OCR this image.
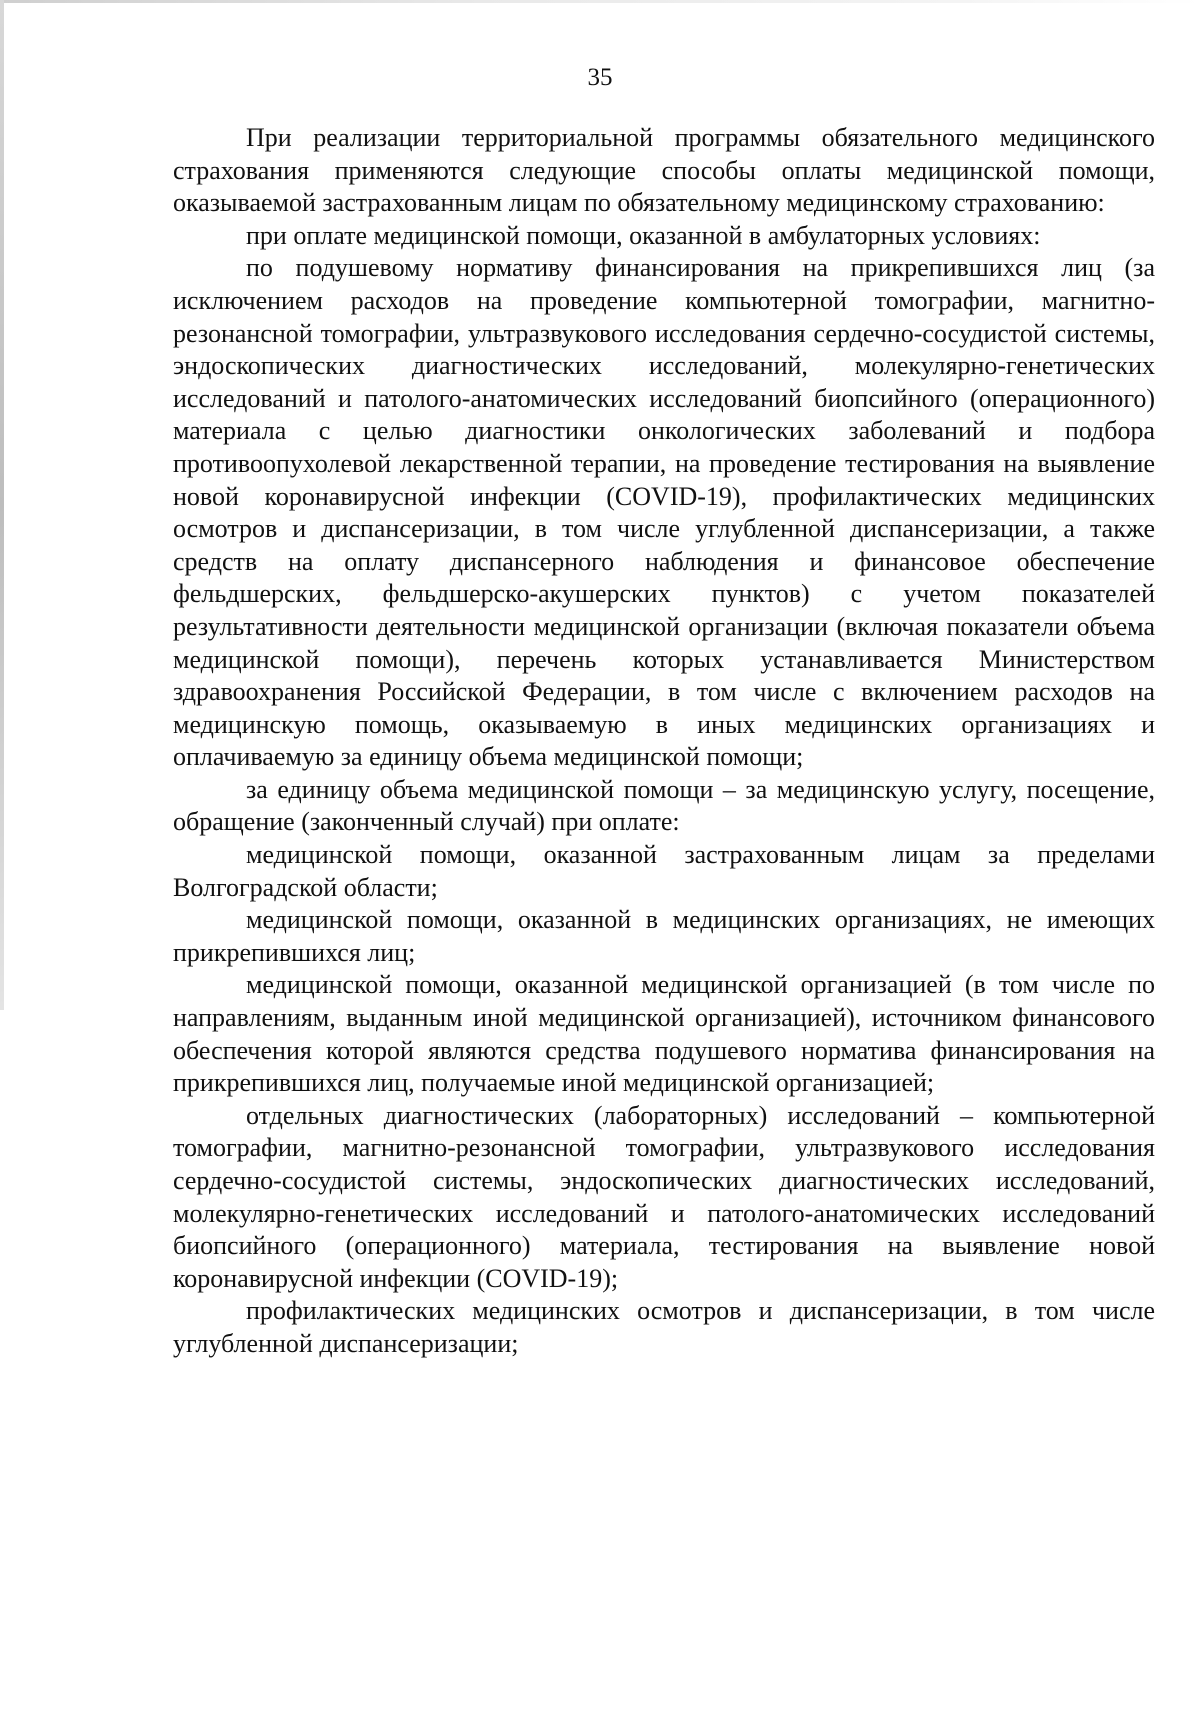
35

При реализации территориальной программы обязательного медицинского страхования применяются следующие способы оплаты медицинской помощи, оказываемой застрахованным лицам по обязательному медицинскому страхованию:

при оплате медицинской помощи, оказанной в амбулаторных условиях:

по подушевому нормативу финансирования на прикрепившихся лиц (за исключением расходов на проведение компьютерной томографии, магнитно-резонансной томографии, ультразвукового исследования сердечно-сосудистой системы, эндоскопических диагностических исследований, молекулярно-генетических исследований и патолого-анатомических исследований биопсийного (операционного) материала с целью диагностики онкологических заболеваний и подбора противоопухолевой лекарственной терапии, на проведение тестирования на выявление новой коронавирусной инфекции (COVID-19), профилактических медицинских осмотров и диспансеризации, в том числе углубленной диспансеризации, а также средств на оплату диспансерного наблюдения и финансовое обеспечение фельдшерских, фельдшерско-акушерских пунктов) с учетом показателей результативности деятельности медицинской организации (включая показатели объема медицинской помощи), перечень которых устанавливается Министерством здравоохранения Российской Федерации, в том числе с включением расходов на медицинскую помощь, оказываемую в иных медицинских организациях и оплачиваемую за единицу объема медицинской помощи;

за единицу объема медицинской помощи – за медицинскую услугу, посещение, обращение (законченный случай) при оплате:

медицинской помощи, оказанной застрахованным лицам за пределами Волгоградской области;

медицинской помощи, оказанной в медицинских организациях, не имеющих прикрепившихся лиц;

медицинской помощи, оказанной медицинской организацией (в том числе по направлениям, выданным иной медицинской организацией), источником финансового обеспечения которой являются средства подушевого норматива финансирования на прикрепившихся лиц, получаемые иной медицинской организацией;

отдельных диагностических (лабораторных) исследований – компьютерной томографии, магнитно-резонансной томографии, ультразвукового исследования сердечно-сосудистой системы, эндоскопических диагностических исследований, молекулярно-генетических исследований и патолого-анатомических исследований биопсийного (операционного) материала, тестирования на выявление новой коронавирусной инфекции (COVID-19);

профилактических медицинских осмотров и диспансеризации, в том числе углубленной диспансеризации;
